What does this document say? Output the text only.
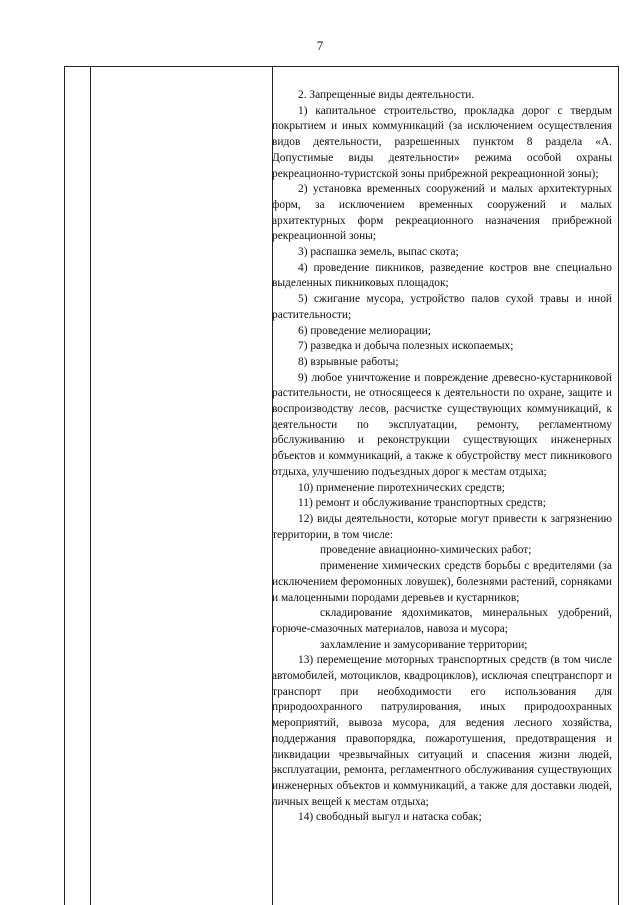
7

2. Запрещенные виды деятельности.

1) капитальное строительство, прокладка дорог с твердым покрытием и иных коммуникаций (за исключением осуществления видов деятельности, разрешенных пунктом 8 раздела «А. Допустимые виды деятельности» режима особой охраны рекреационно-туристской зоны прибрежной рекреационной зоны);

2) установка временных сооружений и малых архитектурных форм, за исключением временных сооружений и малых архитектурных форм рекреационного назначения прибрежной рекреационной зоны;

3) распашка земель, выпас скота;

4) проведение пикников, разведение костров вне специально выделенных пикниковых площадок;

5) сжигание мусора, устройство палов сухой травы и иной растительности;

6) проведение мелиорации;

7) разведка и добыча полезных ископаемых;

8) взрывные работы;

9) любое уничтожение и повреждение древесно-кустарниковой растительности, не относящееся к деятельности по охране, защите и воспроизводству лесов, расчистке существующих коммуникаций, к деятельности по эксплуатации, ремонту, регламентному обслуживанию и реконструкции существующих инженерных объектов и коммуникаций, а также к обустройству мест пикникового отдыха, улучшению подъездных дорог к местам отдыха;

10) применение пиротехнических средств;

11) ремонт и обслуживание транспортных средств;

12) виды деятельности, которые могут привести к загрязнению территории, в том числе:

проведение авиационно-химических работ;

применение химических средств борьбы с вредителями (за исключением феромонных ловушек), болезнями растений, сорняками и малоценными породами деревьев и кустарников;

складирование ядохимикатов, минеральных удобрений, горюче-смазочных материалов, навоза и мусора;

захламление и замусоривание территории;

13) перемещение моторных транспортных средств (в том числе автомобилей, мотоциклов, квадроциклов), исключая спецтранспорт и транспорт при необходимости его использования для природоохранного патрулирования, иных природоохранных мероприятий, вывоза мусора, для ведения лесного хозяйства, поддержания правопорядка, пожаротушения, предотвращения и ликвидации чрезвычайных ситуаций и спасения жизни людей, эксплуатации, ремонта, регламентного обслуживания существующих инженерных объектов и коммуникаций, а также для доставки людей, личных вещей к местам отдыха;

14) свободный выгул и натаска собак;
